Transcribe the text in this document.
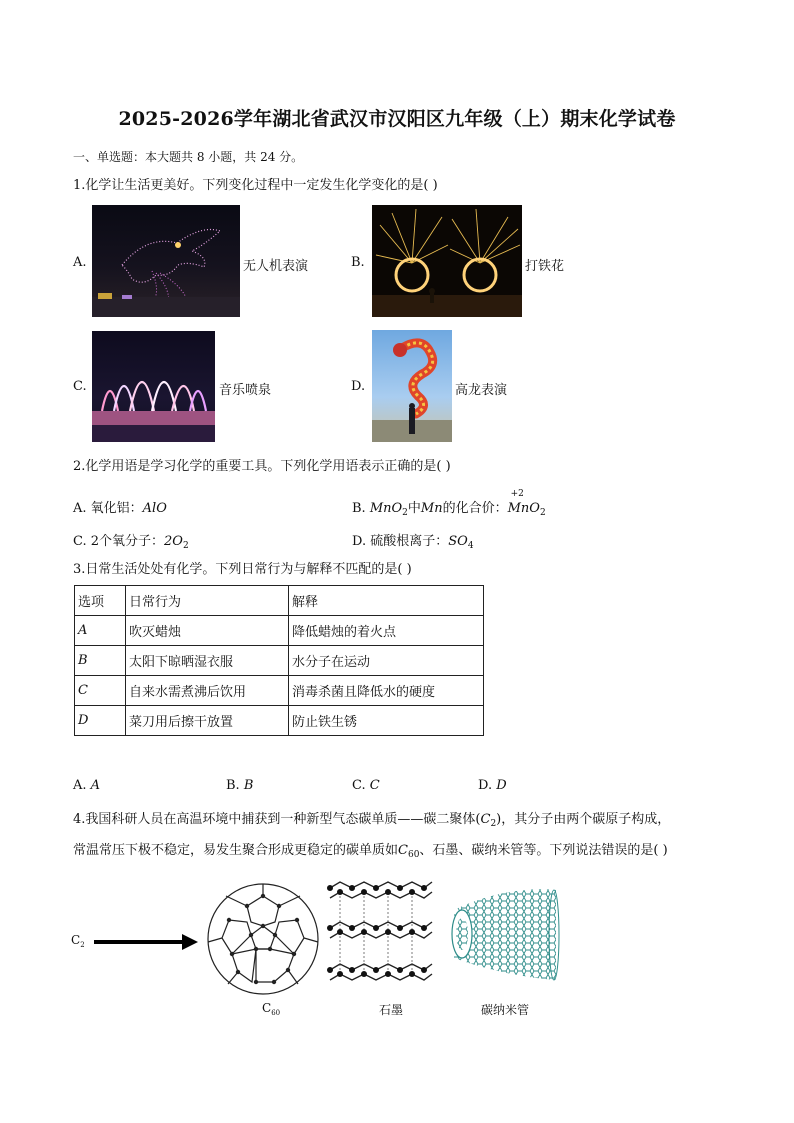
2025-2026学年湖北省武汉市汉阳区九年级（上）期末化学试卷
一、单选题：本大题共 8 小题，共 24 分。
1.化学让生活更美好。下列变化过程中一定发生化学变化的是( )
A.	无人机表演	B.	打铁花
C.	音乐喷泉	D.	高龙表演
2.化学用语是学习化学的重要工具。下列化学用语表示正确的是( )
A. 氧化铝：AlO	B. MnO$_2$中Mn的化合价：
+2
MnO$_2$
C. 2个氧分子：$2O_2$	D. 硫酸根离子：$SO_4$
3.日常生活处处有化学。下列日常行为与解释不匹配的是( )
选项	日常行为	解释
A	吹灭蜡烛	降低蜡烛的着火点
B	太阳下晾晒湿衣服	水分子在运动
C	自来水需煮沸后饮用	消毒杀菌且降低水的硬度
D	菜刀用后擦干放置	防止铁生锈
A. A	B. B	C. C	D. D
4.我国科研人员在高温环境中捕获到一种新型气态碳单质——碳二聚体$(C_2)$，其分子由两个碳原子构成，
常温常压下极不稳定，易发生聚合形成更稳定的碳单质如$C_{60}$、石墨、碳纳米管等。下列说法错误的是( )
$C_2$
$C_{60}$	石墨	碳纳米管
